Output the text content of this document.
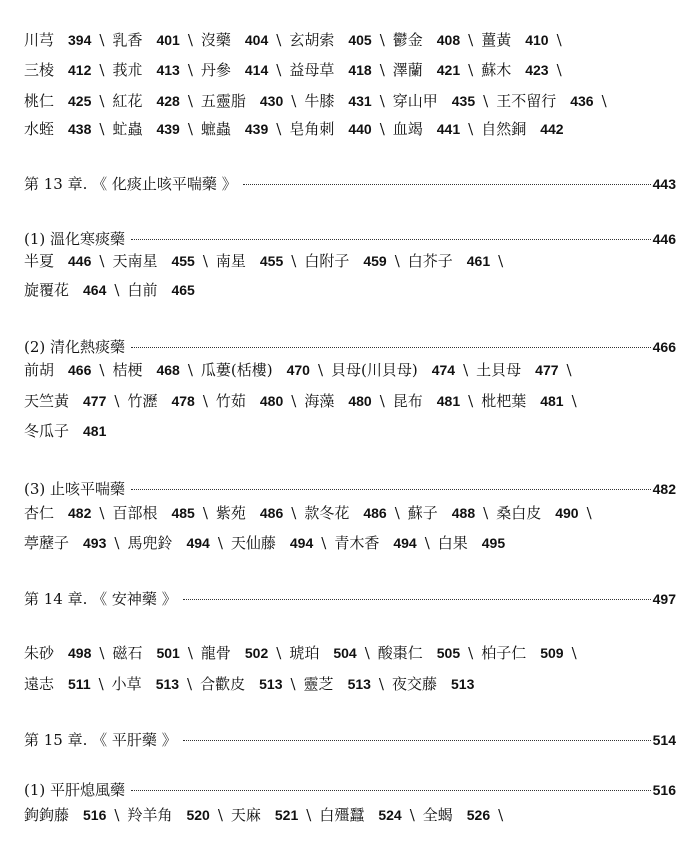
川芎 394 \ 乳香 401 \ 沒藥 404 \ 玄胡索 405 \ 鬱金 408 \ 薑黃 410 \
三棱 412 \ 莪朮 413 \ 丹參 414 \ 益母草 418 \ 澤蘭 421 \ 蘇木 423 \
桃仁 425 \ 紅花 428 \ 五靈脂 430 \ 牛膝 431 \ 穿山甲 435 \ 王不留行 436 \
水蛭 438 \ 虻蟲 439 \ 蟅蟲 439 \ 皂角刺 440 \ 血竭 441 \ 自然銅 442
第 13 章. 《 化痰止咳平喘藥 》	443
(1) 溫化寒痰藥	446
半夏 446 \ 天南星 455 \ 南星 455 \ 白附子 459 \ 白芥子 461 \
旋覆花 464 \ 白前 465
(2) 清化熱痰藥	466
前胡 466 \ 桔梗 468 \ 瓜蔞(栝樓) 470 \ 貝母(川貝母) 474 \ 土貝母 477 \
天竺黃 477 \ 竹瀝 478 \ 竹茹 480 \ 海藻 480 \ 昆布 481 \ 枇杷葉 481 \
冬瓜子 481
(3) 止咳平喘藥	482
杏仁 482 \ 百部根 485 \ 紫苑 486 \ 款冬花 486 \ 蘇子 488 \ 桑白皮 490 \
葶藶子 493 \ 馬兜鈴 494 \ 天仙藤 494 \ 青木香 494 \ 白果 495
第 14 章. 《 安神藥 》	497
朱砂 498 \ 磁石 501 \ 龍骨 502 \ 琥珀 504 \ 酸棗仁 505 \ 柏子仁 509 \
遠志 511 \ 小草 513 \ 合歡皮 513 \ 靈芝 513 \ 夜交藤 513
第 15 章. 《 平肝藥 》	514
(1) 平肝熄風藥	516
鉤鉤藤 516 \ 羚羊角 520 \ 天麻 521 \ 白殭蠶 524 \ 全蝎 526 \
